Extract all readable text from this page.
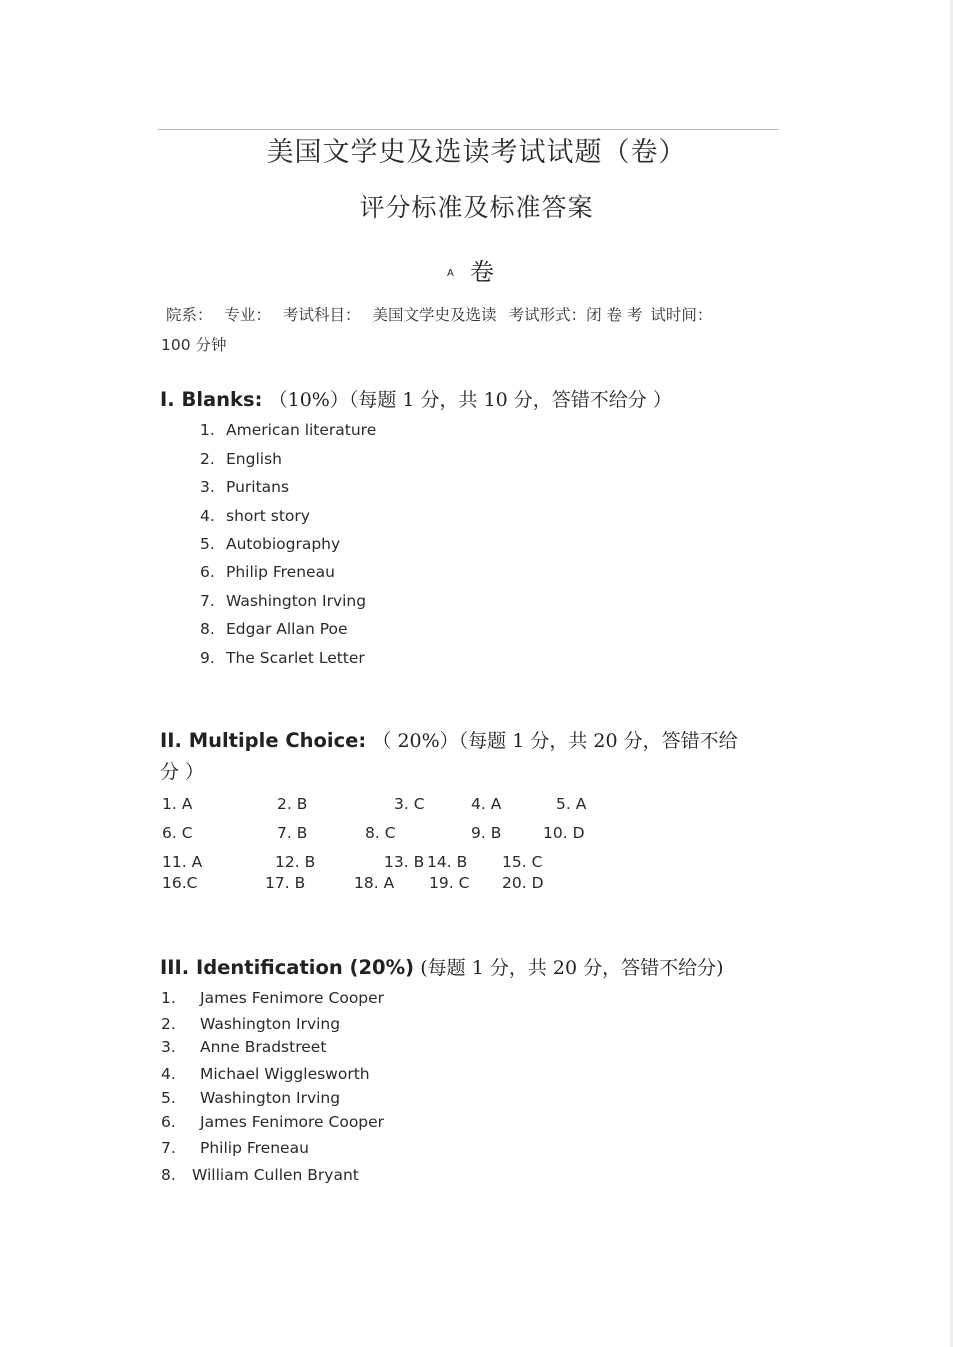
美国文学史及选读考试试题（卷）
评分标准及标准答案
A 卷
院系： 专业： 考试科目： 美国文学史及选读 考试形式：闭 卷 考 试时间：
100 分钟
I. Blanks: （10%）（每题 1 分，共 10 分，答错不给分 ）
1. American literature
2. English
3. Puritans
4. short story
5. Autobiography
6. Philip Freneau
7. Washington Irving
8. Edgar Allan Poe
9. The Scarlet Letter
II. Multiple Choice: （ 20%）（每题 1 分，共 20 分，答错不给
分 ）
1. A	2. B	3. C	4. A	5. A
6. C	7. B	8. C	9. B	10. D
11. A	12. B	13. B 14. B 15. C
16.C	17. B	18. A 19. C 20. D
III. Identification (20%) (每题 1 分，共 20 分，答错不给分)
1. James Fenimore Cooper
2. Washington Irving
3. Anne Bradstreet
4. Michael Wigglesworth
5. Washington Irving
6. James Fenimore Cooper
7. Philip Freneau
8. William Cullen Bryant
